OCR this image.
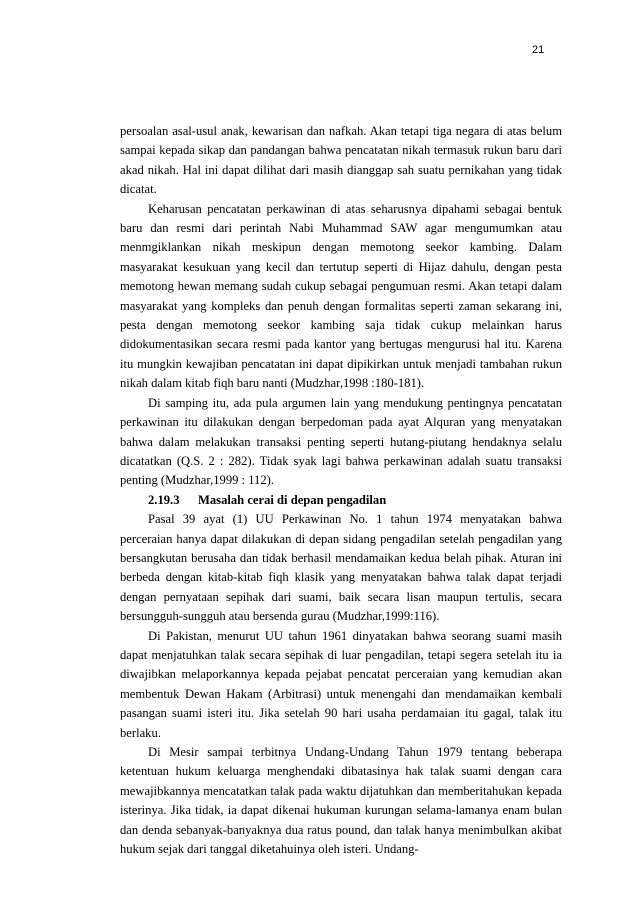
21

persoalan asal-usul anak, kewarisan dan nafkah. Akan tetapi tiga negara di atas belum sampai kepada sikap dan pandangan bahwa pencatatan nikah termasuk rukun baru dari akad nikah. Hal ini dapat dilihat dari masih dianggap sah suatu pernikahan yang tidak dicatat.

Keharusan pencatatan perkawinan di atas seharusnya dipahami sebagai bentuk baru dan resmi dari perintah Nabi Muhammad SAW agar mengumumkan atau menmgiklankan nikah meskipun dengan memotong seekor kambing. Dalam masyarakat kesukuan yang kecil dan tertutup seperti di Hijaz dahulu, dengan pesta memotong hewan memang sudah cukup sebagai pengumuan resmi. Akan tetapi dalam masyarakat yang kompleks dan penuh dengan formalitas seperti zaman sekarang ini, pesta dengan memotong seekor kambing saja tidak cukup melainkan harus didokumentasikan secara resmi pada kantor yang bertugas mengurusi hal itu. Karena itu mungkin kewajiban pencatatan ini dapat dipikirkan untuk menjadi tambahan rukun nikah dalam kitab fiqh baru nanti (Mudzhar,1998 :180-181).

Di samping itu, ada pula argumen lain yang mendukung pentingnya pencatatan perkawinan itu dilakukan dengan berpedoman pada ayat Alquran yang menyatakan bahwa dalam melakukan transaksi penting seperti hutang-piutang hendaknya selalu dicatatkan (Q.S. 2 : 282). Tidak syak lagi bahwa perkawinan adalah suatu transaksi penting (Mudzhar,1999 : 112).

2.19.3 Masalah cerai di depan pengadilan

Pasal 39 ayat (1) UU Perkawinan No. 1 tahun 1974 menyatakan bahwa perceraian hanya dapat dilakukan di depan sidang pengadilan setelah pengadilan yang bersangkutan berusaha dan tidak berhasil mendamaikan kedua belah pihak. Aturan ini berbeda dengan kitab-kitab fiqh klasik yang menyatakan bahwa talak dapat terjadi dengan pernyataan sepihak dari suami, baik secara lisan maupun tertulis, secara bersungguh-sungguh atau bersenda gurau (Mudzhar,1999:116).

Di Pakistan, menurut UU tahun 1961 dinyatakan bahwa seorang suami masih dapat menjatuhkan talak secara sepihak di luar pengadilan, tetapi segera setelah itu ia diwajibkan melaporkannya kepada pejabat pencatat perceraian yang kemudian akan membentuk Dewan Hakam (Arbitrasi) untuk menengahi dan mendamaikan kembali pasangan suami isteri itu. Jika setelah 90 hari usaha perdamaian itu gagal, talak itu berlaku.

Di Mesir sampai terbitnya Undang-Undang Tahun 1979 tentang beberapa ketentuan hukum keluarga menghendaki dibatasinya hak talak suami dengan cara mewajibkannya mencatatkan talak pada waktu dijatuhkan dan memberitahukan kepada isterinya. Jika tidak, ia dapat dikenai hukuman kurungan selama-lamanya enam bulan dan denda sebanyak-banyaknya dua ratus pound, dan talak hanya menimbulkan akibat hukum sejak dari tanggal diketahuinya oleh isteri. Undang-
